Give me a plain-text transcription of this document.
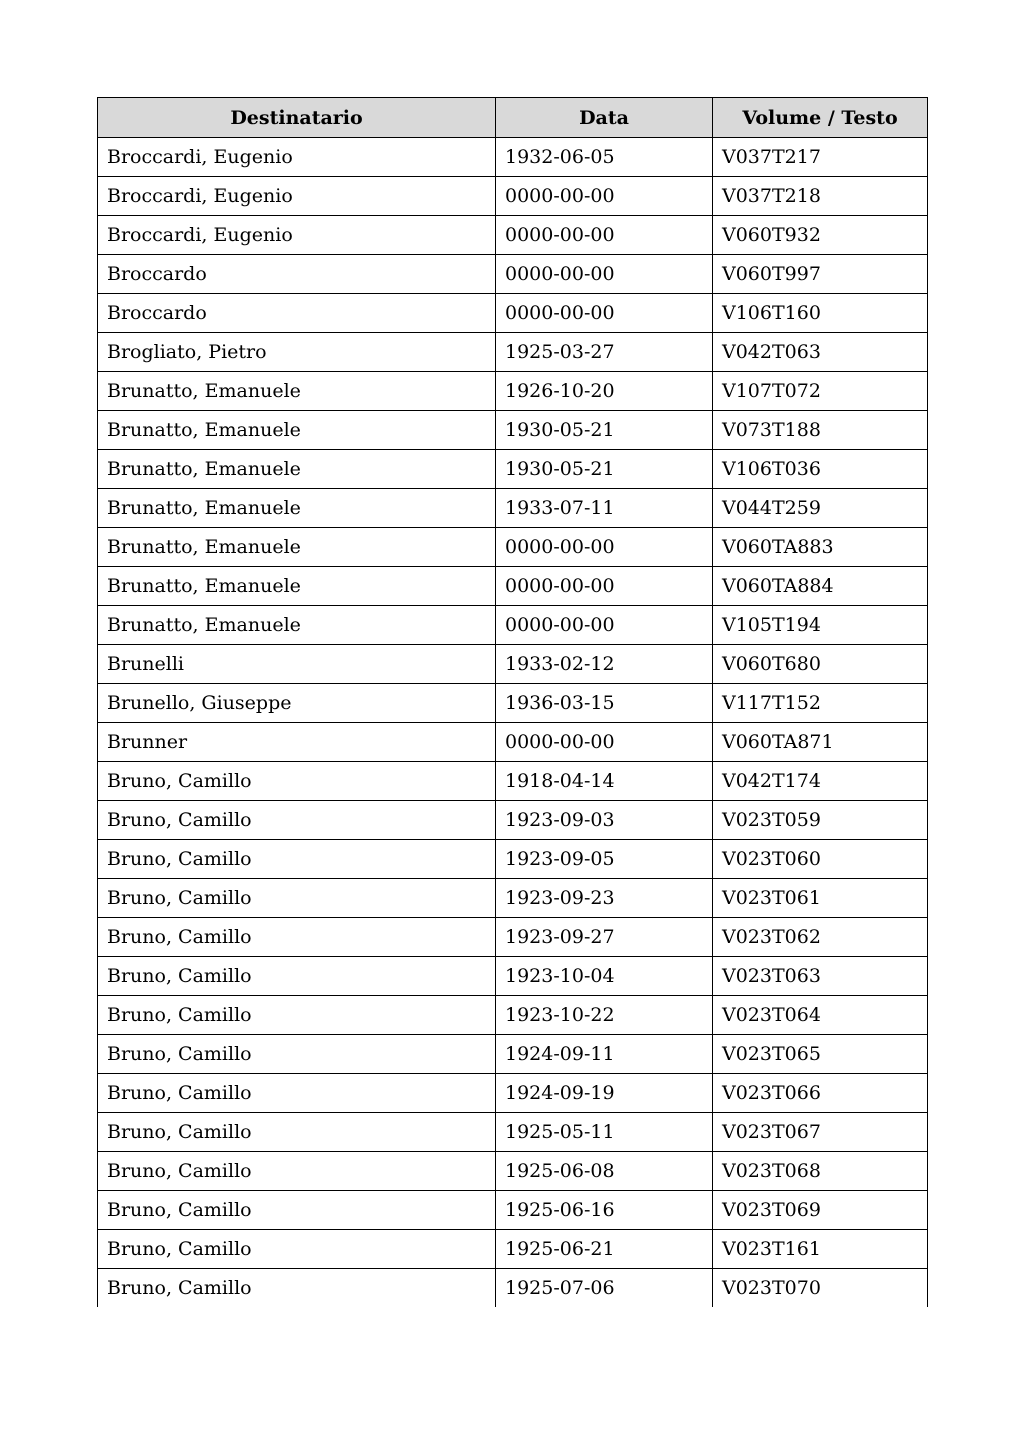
Destinatario	Data	Volume / Testo
Broccardi, Eugenio	1932-06-05	V037T217
Broccardi, Eugenio	0000-00-00	V037T218
Broccardi, Eugenio	0000-00-00	V060T932
Broccardo	0000-00-00	V060T997
Broccardo	0000-00-00	V106T160
Brogliato, Pietro	1925-03-27	V042T063
Brunatto, Emanuele	1926-10-20	V107T072
Brunatto, Emanuele	1930-05-21	V073T188
Brunatto, Emanuele	1930-05-21	V106T036
Brunatto, Emanuele	1933-07-11	V044T259
Brunatto, Emanuele	0000-00-00	V060TA883
Brunatto, Emanuele	0000-00-00	V060TA884
Brunatto, Emanuele	0000-00-00	V105T194
Brunelli	1933-02-12	V060T680
Brunello, Giuseppe	1936-03-15	V117T152
Brunner	0000-00-00	V060TA871
Bruno, Camillo	1918-04-14	V042T174
Bruno, Camillo	1923-09-03	V023T059
Bruno, Camillo	1923-09-05	V023T060
Bruno, Camillo	1923-09-23	V023T061
Bruno, Camillo	1923-09-27	V023T062
Bruno, Camillo	1923-10-04	V023T063
Bruno, Camillo	1923-10-22	V023T064
Bruno, Camillo	1924-09-11	V023T065
Bruno, Camillo	1924-09-19	V023T066
Bruno, Camillo	1925-05-11	V023T067
Bruno, Camillo	1925-06-08	V023T068
Bruno, Camillo	1925-06-16	V023T069
Bruno, Camillo	1925-06-21	V023T161
Bruno, Camillo	1925-07-06	V023T070
